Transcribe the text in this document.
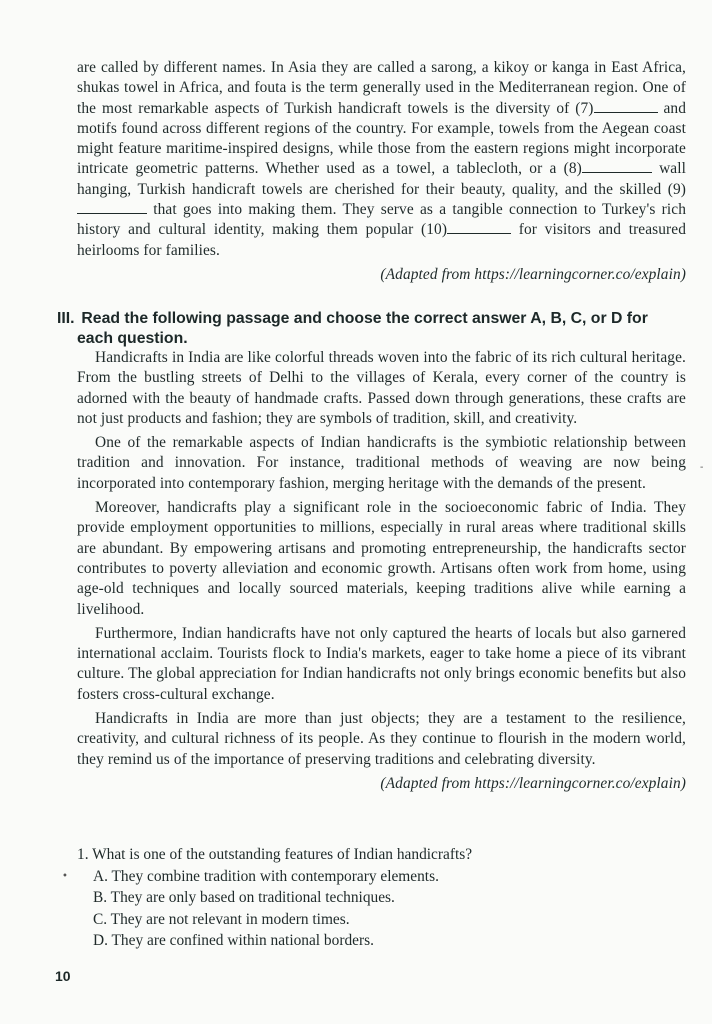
are called by different names. In Asia they are called a sarong, a kikoy or kanga in East Africa, shukas towel in Africa, and fouta is the term generally used in the Mediterranean region. One of the most remarkable aspects of Turkish handicraft towels is the diversity of (7)	and motifs found across different regions of the country. For example, towels from the Aegean coast might feature maritime-inspired designs, while those from the eastern regions might incorporate intricate geometric patterns. Whether used as a towel, a tablecloth, or a (8)	wall hanging, Turkish handicraft towels are cherished for their beauty, quality, and the skilled (9) that goes into making them. They serve as a tangible connection to Turkey's rich history and cultural identity, making them popular (10)	for visitors and treasured heirlooms for families.

(Adapted from https://learningcorner.co/explain)
III. Read the following passage and choose the correct answer A, B, C, or D for
each question.

Handicrafts in India are like colorful threads woven into the fabric of its rich cultural heritage. From the bustling streets of Delhi to the villages of Kerala, every corner of the country is adorned with the beauty of handmade crafts. Passed down through generations, these crafts are not just products and fashion; they are symbols of tradition, skill, and creativity.

One of the remarkable aspects of Indian handicrafts is the symbiotic relationship between tradition and innovation. For instance, traditional methods of weaving are now being incorporated into contemporary fashion, merging heritage with the demands of the present.

Moreover, handicrafts play a significant role in the socioeconomic fabric of India. They provide employment opportunities to millions, especially in rural areas where traditional skills are abundant. By empowering artisans and promoting entrepreneurship, the handicrafts sector contributes to poverty alleviation and economic growth. Artisans often work from home, using age-old techniques and locally sourced materials, keeping traditions alive while earning a livelihood.

Furthermore, Indian handicrafts have not only captured the hearts of locals but also garnered international acclaim. Tourists flock to India's markets, eager to take home a piece of its vibrant culture. The global appreciation for Indian handicrafts not only brings economic benefits but also fosters cross-cultural exchange.

Handicrafts in India are more than just objects; they are a testament to the resilience, creativity, and cultural richness of its people. As they continue to flourish in the modern world, they remind us of the importance of preserving traditions and celebrating diversity.

(Adapted from https://learningcorner.co/explain)
1. What is one of the outstanding features of Indian handicrafts?
A. They combine tradition with contemporary elements.
B. They are only based on traditional techniques.
C. They are not relevant in modern times.
D. They are confined within national borders.
•
-
10
